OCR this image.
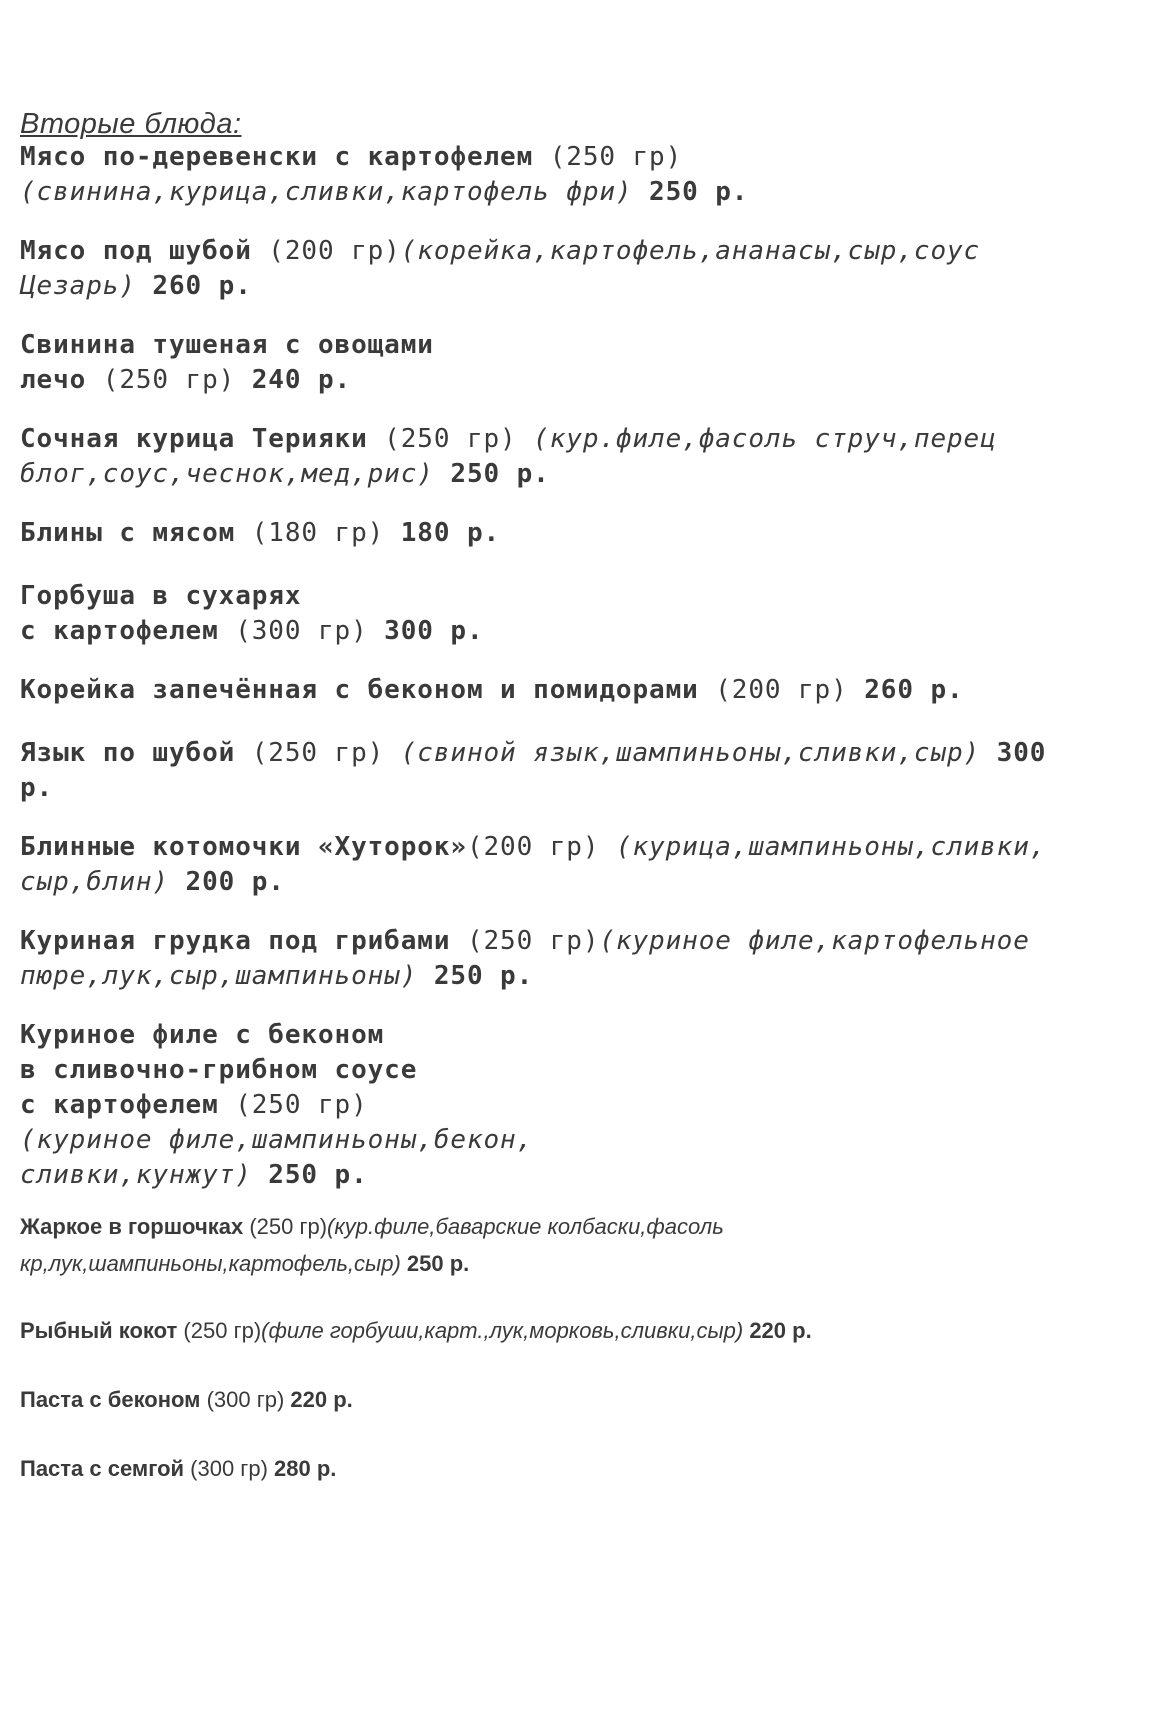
Вторые блюда:
Мясо по-деревенски с картофелем (250 гр)
(свинина,курица,сливки,картофель фри) 250 р.
Мясо под шубой (200 гр)(корейка,картофель,ананасы,сыр,соус
Цезарь) 260 р.
Свинина тушеная с овощами
лечо (250 гр) 240 р.
Сочная курица Терияки (250 гр) (кур.филе,фасоль струч,перец
блог,соус,чеснок,мед,рис) 250 р.
Блины с мясом (180 гр) 180 р.
Горбуша в сухарях
с картофелем (300 гр) 300 р.
Корейка запечённая с беконом и помидорами (200 гр) 260 р.
Язык по шубой (250 гр) (свиной язык,шампиньоны,сливки,сыр) 300
р.
Блинные котомочки «Хуторок»(200 гр) (курица,шампиньоны,сливки,
сыр,блин) 200 р.
Куриная грудка под грибами (250 гр)(куриное филе,картофельное
пюре,лук,сыр,шампиньоны) 250 р.
Куриное филе с беконом
в сливочно-грибном соусе
с картофелем (250 гр)
(куриное филе,шампиньоны,бекон,
сливки,кунжут) 250 р.
Жаркое в горшочках (250 гр)(кур.филе,баварские колбаски,фасоль
кр,лук,шампиньоны,картофель,сыр) 250 р.
Рыбный кокот (250 гр)(филе горбуши,карт.,лук,морковь,сливки,сыр) 220 р.
Паста с беконом (300 гр) 220 р.
Паста с семгой (300 гр) 280 р.
